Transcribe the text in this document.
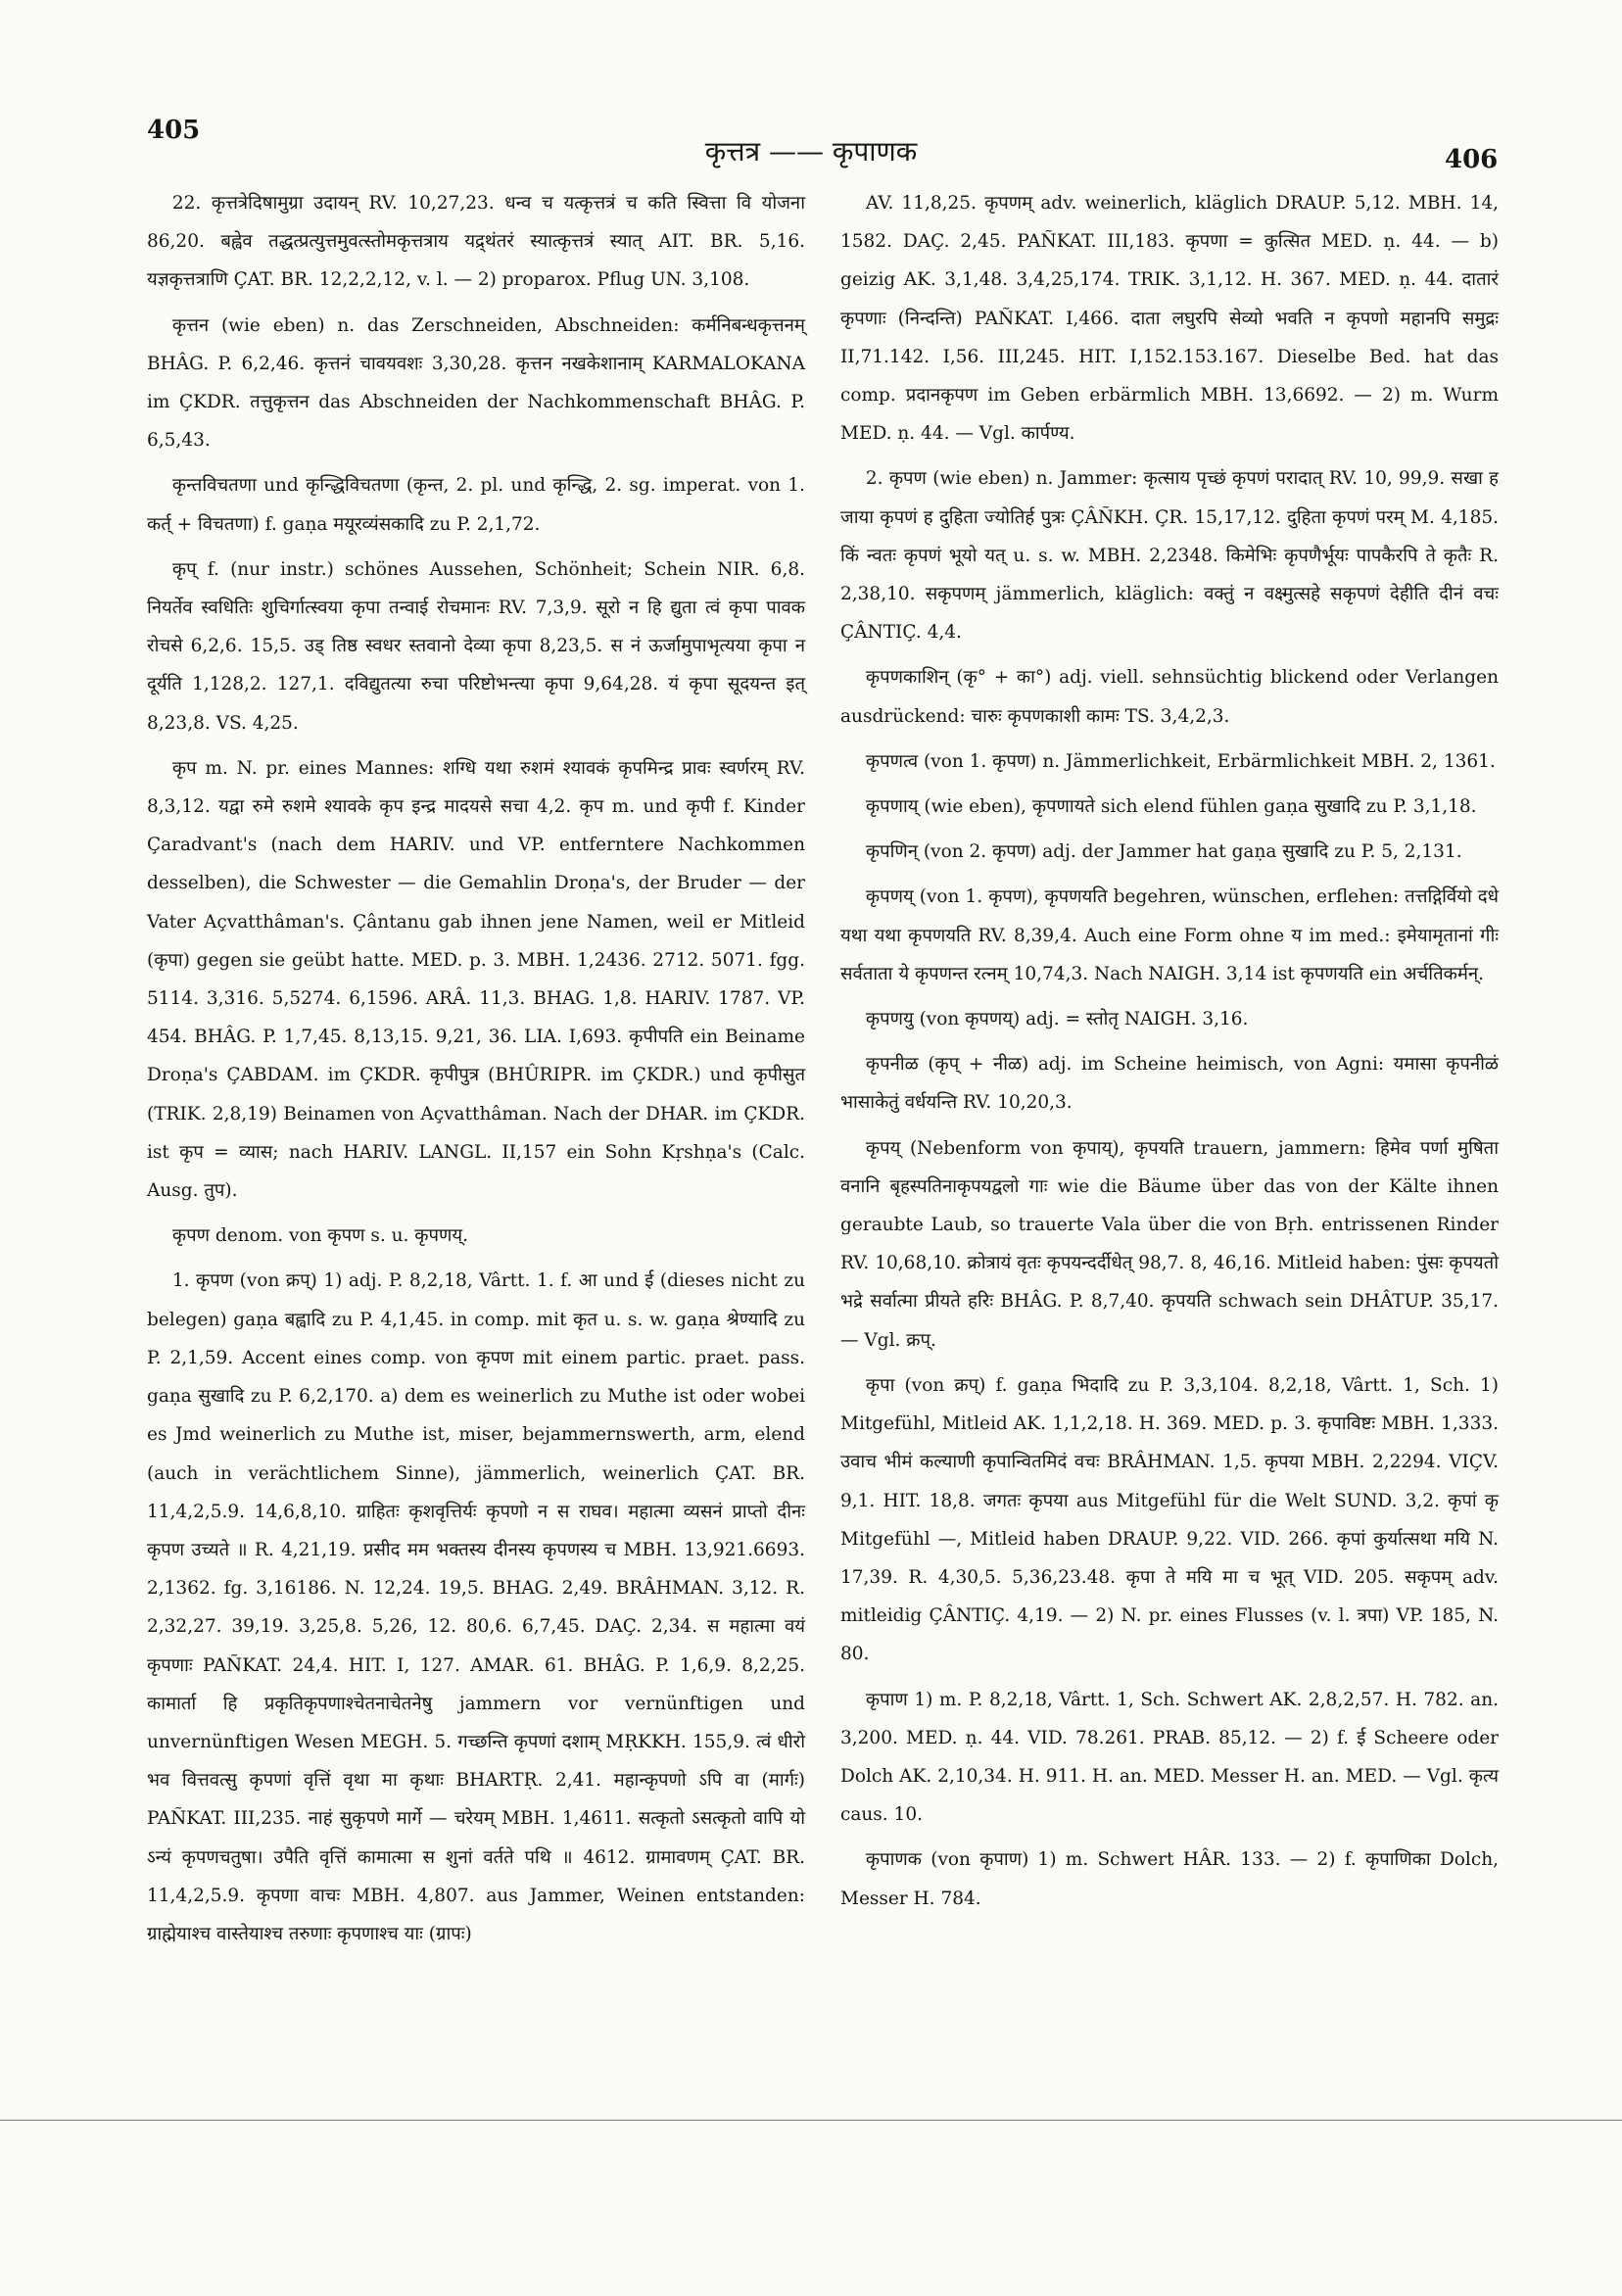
405
कृत्तत्र —— कृपाणक	406

22. कृत्तत्रेदिषामुग्रा उदायन् RV. 10,27,23. धन्व च यत्कृत्तत्रं च कति स्वित्ता वि योजना 86,20. बह्वेव तद्धत्प्रत्युत्तमुवत्स्तोमकृत्तत्राय यद्र्थंतरं स्यात्कृत्तत्रं स्यात् AIT. BR. 5,16. यज्ञकृत्तत्राणि ÇAT. BR. 12,2,2,12, v. l. — 2) proparox. Pflug UN. 3,108.

कृत्तन (wie eben) n. das Zerschneiden, Abschneiden: कर्मनिबन्धकृत्तनम् BHÂG. P. 6,2,46. कृत्तनं चावयवशः 3,30,28. कृत्तन नखकेशानाम् KARMALOKANA im ÇKDR. तत्तुकृत्तन das Abschneiden der Nachkommenschaft BHÂG. P. 6,5,43.

कृन्तविचतणा und कृन्द्धिविचतणा (कृन्त, 2. pl. und कृन्द्धि, 2. sg. imperat. von 1. कर्त् + विचतणा) f. gaṇa मयूरव्यंसकादि zu P. 2,1,72.

कृप् f. (nur instr.) schönes Aussehen, Schönheit; Schein NIR. 6,8. नियर्तेव स्वधितिः शुचिर्गात्स्वया कृपा तन्वाई रोचमानः RV. 7,3,9. सूरो न हि द्युता त्वं कृपा पावक रोचसे 6,2,6. 15,5. उड् तिष्ठ स्वधर स्तवानो देव्या कृपा 8,23,5. स नं ऊर्जामुपाभृत्यया कृपा न दूर्यति 1,128,2. 127,1. दविद्युतत्या रुचा परिष्टोभन्त्या कृपा 9,64,28. यं कृपा सूदयन्त इत् 8,23,8. VS. 4,25.

कृप m. N. pr. eines Mannes: शग्धि यथा रुशमं श्यावकं कृपमिन्द्र प्रावः स्वर्णरम् RV. 8,3,12. यद्वा रुमे रुशमे श्यावके कृप इन्द्र मादयसे सचा 4,2. कृप m. und कृपी f. Kinder Çaradvant's (nach dem HARIV. und VP. entferntere Nachkommen desselben), die Schwester — die Gemahlin Droṇa's, der Bruder — der Vater Açvatthâman's. Çântanu gab ihnen jene Namen, weil er Mitleid (कृपा) gegen sie geübt hatte. MED. p. 3. MBH. 1,2436. 2712. 5071. fgg. 5114. 3,316. 5,5274. 6,1596. ARÂ. 11,3. BHAG. 1,8. HARIV. 1787. VP. 454. BHÂG. P. 1,7,45. 8,13,15. 9,21, 36. LIA. I,693. कृपीपति ein Beiname Droṇa's ÇABDAM. im ÇKDR. कृपीपुत्र (BHÛRIPR. im ÇKDR.) und कृपीसुत (TRIK. 2,8,19) Beinamen von Açvatthâman. Nach der DHAR. im ÇKDR. ist कृप = व्यास; nach HARIV. LANGL. II,157 ein Sohn Kṛshṇa's (Calc. Ausg. तुप).

कृपण denom. von कृपण s. u. कृपणय्.

1. कृपण (von क्रप्) 1) adj. P. 8,2,18, Vârtt. 1. f. आ und ई (dieses nicht zu belegen) gaṇa बह्वादि zu P. 4,1,45. in comp. mit कृत u. s. w. gaṇa श्रेण्यादि zu P. 2,1,59. Accent eines comp. von कृपण mit einem partic. praet. pass. gaṇa सुखादि zu P. 6,2,170. a) dem es weinerlich zu Muthe ist oder wobei es Jmd weinerlich zu Muthe ist, miser, bejammernswerth, arm, elend (auch in verächtlichem Sinne), jämmerlich, weinerlich ÇAT. BR. 11,4,2,5.9. 14,6,8,10. ग्राहितः कृशवृत्तिर्यः कृपणो न स राघव। महात्मा व्यसनं प्राप्तो दीनः कृपण उच्यते ॥ R. 4,21,19. प्रसीद मम भक्तस्य दीनस्य कृपणस्य च MBH. 13,921.6693. 2,1362. fg. 3,16186. N. 12,24. 19,5. BHAG. 2,49. BRÂHMAN. 3,12. R. 2,32,27. 39,19. 3,25,8. 5,26, 12. 80,6. 6,7,45. DAÇ. 2,34. स महात्मा वयं कृपणाः PAÑKAT. 24,4. HIT. I, 127. AMAR. 61. BHÂG. P. 1,6,9. 8,2,25. कामार्ता हि प्रकृतिकृपणाश्चेतनाचेतनेषु jammern vor vernünftigen und unvernünftigen Wesen MEGH. 5. गच्छन्ति कृपणां दशाम् MṚKKH. 155,9. त्वं धीरो भव वित्तवत्सु कृपणां वृत्तिं वृथा मा कृथाः BHARTṚ. 2,41. महान्कृपणो ऽपि वा (मार्गः) PAÑKAT. III,235. नाहं सुकृपणे मार्गे — चरेयम् MBH. 1,4611. सत्कृतो ऽसत्कृतो वापि यो ऽन्यं कृपणचतुषा। उपैति वृत्तिं कामात्मा स शुनां वर्तते पथि ॥ 4612. ग्रामावणम् ÇAT. BR. 11,4,2,5.9. कृपणा वाचः MBH. 4,807. aus Jammer, Weinen entstanden: ग्राह्मेयाश्च वास्तेयाश्च तरुणाः कृपणाश्च याः (ग्रापः)

AV. 11,8,25. कृपणम् adv. weinerlich, kläglich DRAUP. 5,12. MBH. 14, 1582. DAÇ. 2,45. PAÑKAT. III,183. कृपणा = कुत्सित MED. ṇ. 44. — b) geizig AK. 3,1,48. 3,4,25,174. TRIK. 3,1,12. H. 367. MED. ṇ. 44. दातारं कृपणाः (निन्दन्ति) PAÑKAT. I,466. दाता लघुरपि सेव्यो भवति न कृपणो महानपि समुद्रः II,71.142. I,56. III,245. HIT. I,152.153.167. Dieselbe Bed. hat das comp. प्रदानकृपण im Geben erbärmlich MBH. 13,6692. — 2) m. Wurm MED. ṇ. 44. — Vgl. कार्पण्य.

2. कृपण (wie eben) n. Jammer: कृत्साय पृच्छं कृपणं परादात् RV. 10, 99,9. सखा ह जाया कृपणं ह दुहिता ज्योतिर्ह पुत्रः ÇÂÑKH. ÇR. 15,17,12. दुहिता कृपणं परम् M. 4,185. किं न्वतः कृपणं भूयो यत् u. s. w. MBH. 2,2348. किमेभिः कृपणैर्भूयः पापकैरपि ते कृतैः R. 2,38,10. सकृपणम् jämmerlich, kläglich: वक्तुं न वक्ष्मुत्सहे सकृपणं देहीति दीनं वचः ÇÂNTIÇ. 4,4.

कृपणकाशिन् (कृ° + का°) adj. viell. sehnsüchtig blickend oder Verlangen ausdrückend: चारुः कृपणकाशी कामः TS. 3,4,2,3.

कृपणत्व (von 1. कृपण) n. Jämmerlichkeit, Erbärmlichkeit MBH. 2, 1361.

कृपणाय् (wie eben), कृपणायते sich elend fühlen gaṇa सुखादि zu P. 3,1,18.

कृपणिन् (von 2. कृपण) adj. der Jammer hat gaṇa सुखादि zu P. 5, 2,131.

कृपणय् (von 1. कृपण), कृपणयति begehren, wünschen, erflehen: तत्तद्गिर्वियो दधे यथा यथा कृपणयति RV. 8,39,4. Auch eine Form ohne य im med.: इमेयामृतानां गीः सर्वताता ये कृपणन्त रत्नम् 10,74,3. Nach NAIGH. 3,14 ist कृपणयति ein अर्चतिकर्मन्.

कृपणयु (von कृपणय्) adj. = स्तोतृ NAIGH. 3,16.

कृपनीळ (कृप् + नीळ) adj. im Scheine heimisch, von Agni: यमासा कृपनीळं भासाकेतुं वर्धयन्ति RV. 10,20,3.

कृपय् (Nebenform von कृपाय्), कृपयति trauern, jammern: हिमेव पर्णा मुषिता वनानि बृहस्पतिनाकृपयद्वलो गाः wie die Bäume über das von der Kälte ihnen geraubte Laub, so trauerte Vala über die von Bṛh. entrissenen Rinder RV. 10,68,10. क्रोत्रायं वृतः कृपयन्दर्दीधेत् 98,7. 8, 46,16. Mitleid haben: पुंसः कृपयतो भद्रे सर्वात्मा प्रीयते हरिः BHÂG. P. 8,7,40. कृपयति schwach sein DHÂTUP. 35,17. — Vgl. क्रप्.

कृपा (von क्रप्) f. gaṇa भिदादि zu P. 3,3,104. 8,2,18, Vârtt. 1, Sch. 1) Mitgefühl, Mitleid AK. 1,1,2,18. H. 369. MED. p. 3. कृपाविष्टः MBH. 1,333. उवाच भीमं कल्याणी कृपान्वितमिदं वचः BRÂHMAN. 1,5. कृपया MBH. 2,2294. VIÇV. 9,1. HIT. 18,8. जगतः कृपया aus Mitgefühl für die Welt SUND. 3,2. कृपां कृ Mitgefühl —, Mitleid haben DRAUP. 9,22. VID. 266. कृपां कुर्यात्सथा मयि N. 17,39. R. 4,30,5. 5,36,23.48. कृपा ते मयि मा च भूत् VID. 205. सकृपम् adv. mitleidig ÇÂNTIÇ. 4,19. — 2) N. pr. eines Flusses (v. l. त्रपा) VP. 185, N. 80.

कृपाण 1) m. P. 8,2,18, Vârtt. 1, Sch. Schwert AK. 2,8,2,57. H. 782. an. 3,200. MED. ṇ. 44. VID. 78.261. PRAB. 85,12. — 2) f. ई Scheere oder Dolch AK. 2,10,34. H. 911. H. an. MED. Messer H. an. MED. — Vgl. कृत्य caus. 10.

कृपाणक (von कृपाण) 1) m. Schwert HÂR. 133. — 2) f. कृपाणिका Dolch, Messer H. 784.
